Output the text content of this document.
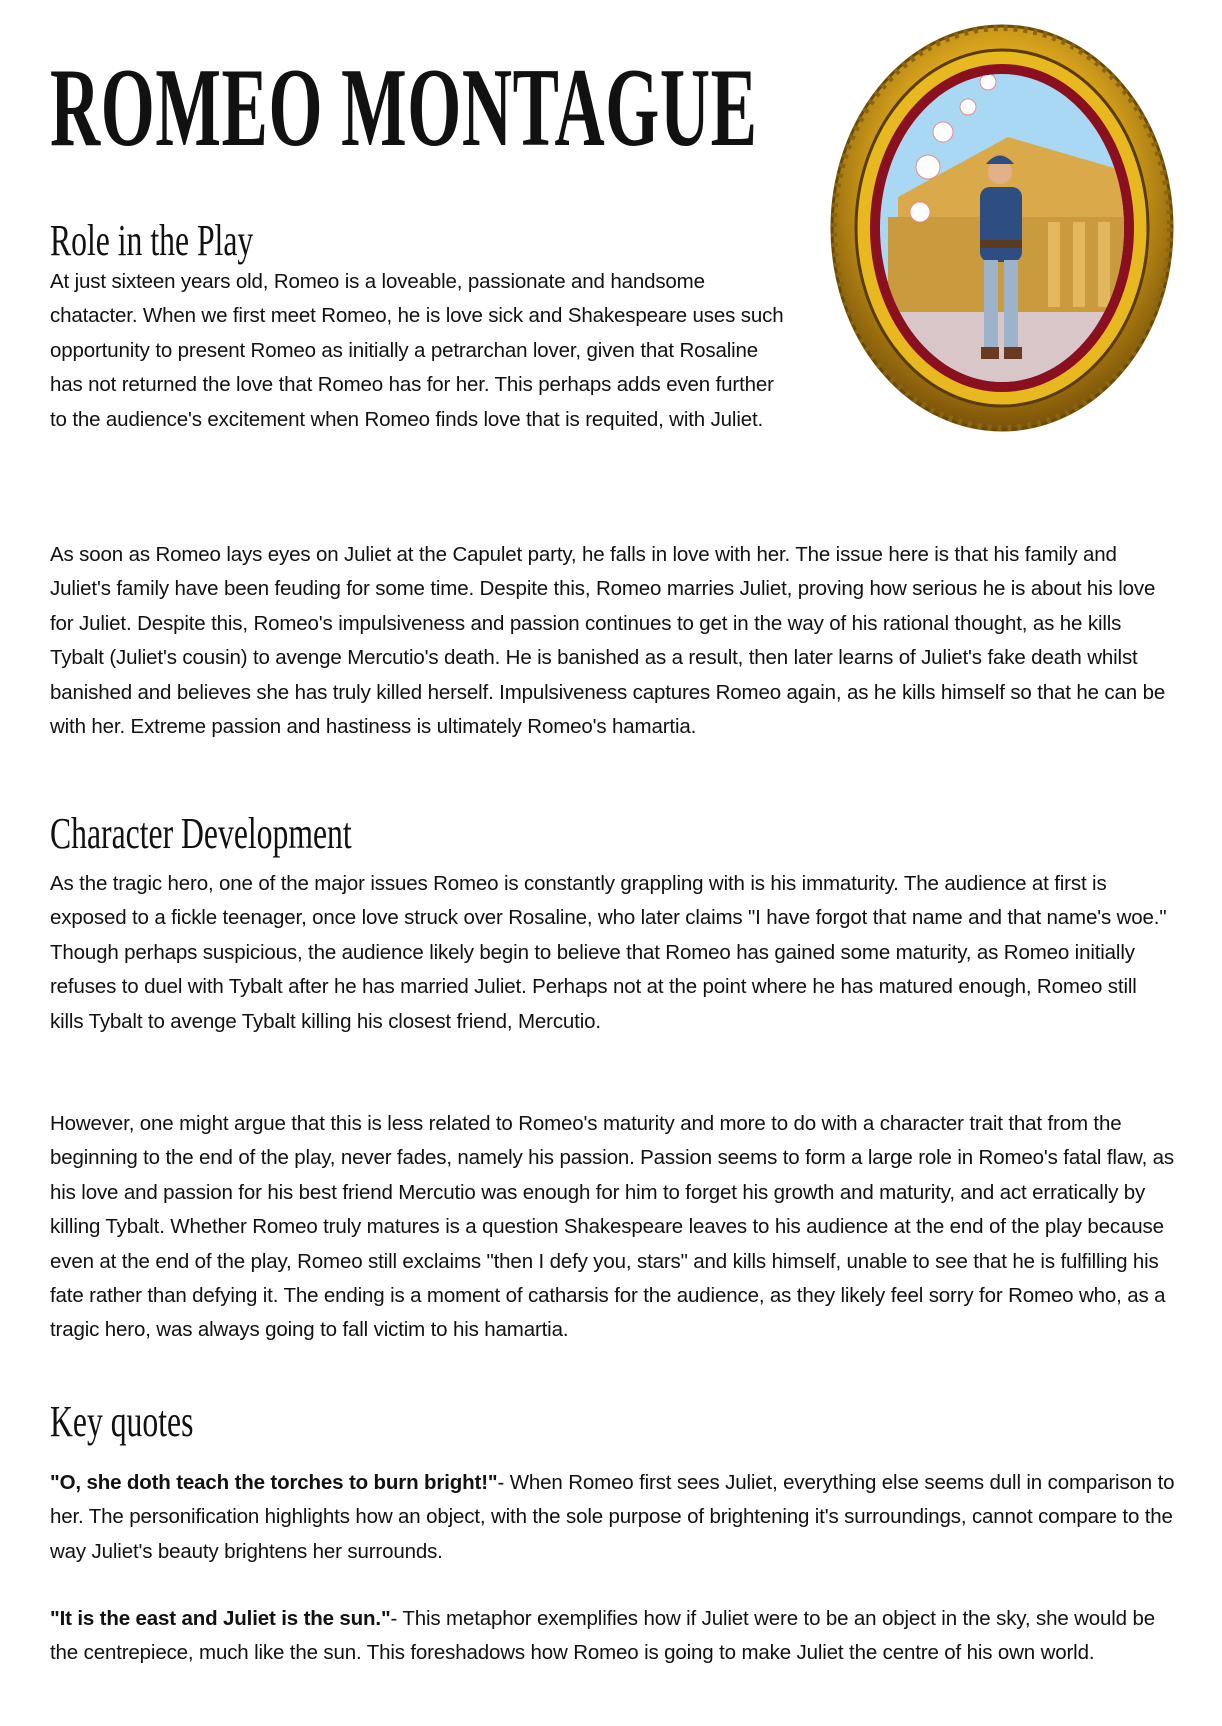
ROMEO MONTAGUE
Role in the Play

At just sixteen years old, Romeo is a loveable, passionate and handsome chatacter. When we first meet Romeo, he is love sick and Shakespeare uses such opportunity to present Romeo as initially a petrarchan lover, given that Rosaline has not returned the love that Romeo has for her. This perhaps adds even further to the audience's excitement when Romeo finds love that is requited, with Juliet.

As soon as Romeo lays eyes on Juliet at the Capulet party, he falls in love with her. The issue here is that his family and Juliet's family have been feuding for some time. Despite this, Romeo marries Juliet, proving how serious he is about his love for Juliet. Despite this, Romeo's impulsiveness and passion continues to get in the way of his rational thought, as he kills Tybalt (Juliet's cousin) to avenge Mercutio's death. He is banished as a result, then later learns of Juliet's fake death whilst banished and believes she has truly killed herself. Impulsiveness captures Romeo again, as he kills himself so that he can be with her. Extreme passion and hastiness is ultimately Romeo's hamartia.

Character Development

As the tragic hero, one of the major issues Romeo is constantly grappling with is his immaturity. The audience at first is exposed to a fickle teenager, once love struck over Rosaline, who later claims "I have forgot that name and that name's woe." Though perhaps suspicious, the audience likely begin to believe that Romeo has gained some maturity, as Romeo initially refuses to duel with Tybalt after he has married Juliet. Perhaps not at the point where he has matured enough, Romeo still kills Tybalt to avenge Tybalt killing his closest friend, Mercutio.

However, one might argue that this is less related to Romeo's maturity and more to do with a character trait that from the beginning to the end of the play, never fades, namely his passion. Passion seems to form a large role in Romeo's fatal flaw, as his love and passion for his best friend Mercutio was enough for him to forget his growth and maturity, and act erratically by killing Tybalt. Whether Romeo truly matures is a question Shakespeare leaves to his audience at the end of the play because even at the end of the play, Romeo still exclaims "then I defy you, stars" and kills himself, unable to see that he is fulfilling his fate rather than defying it. The ending is a moment of catharsis for the audience, as they likely feel sorry for Romeo who, as a tragic hero, was always going to fall victim to his hamartia.

Key quotes

"O, she doth teach the torches to burn bright!"- When Romeo first sees Juliet, everything else seems dull in comparison to her. The personification highlights how an object, with the sole purpose of brightening it's surroundings, cannot compare to the way Juliet's beauty brightens her surrounds.

"It is the east and Juliet is the sun."- This metaphor exemplifies how if Juliet were to be an object in the sky, she would be the centrepiece, much like the sun. This foreshadows how Romeo is going to make Juliet the centre of his own world.
